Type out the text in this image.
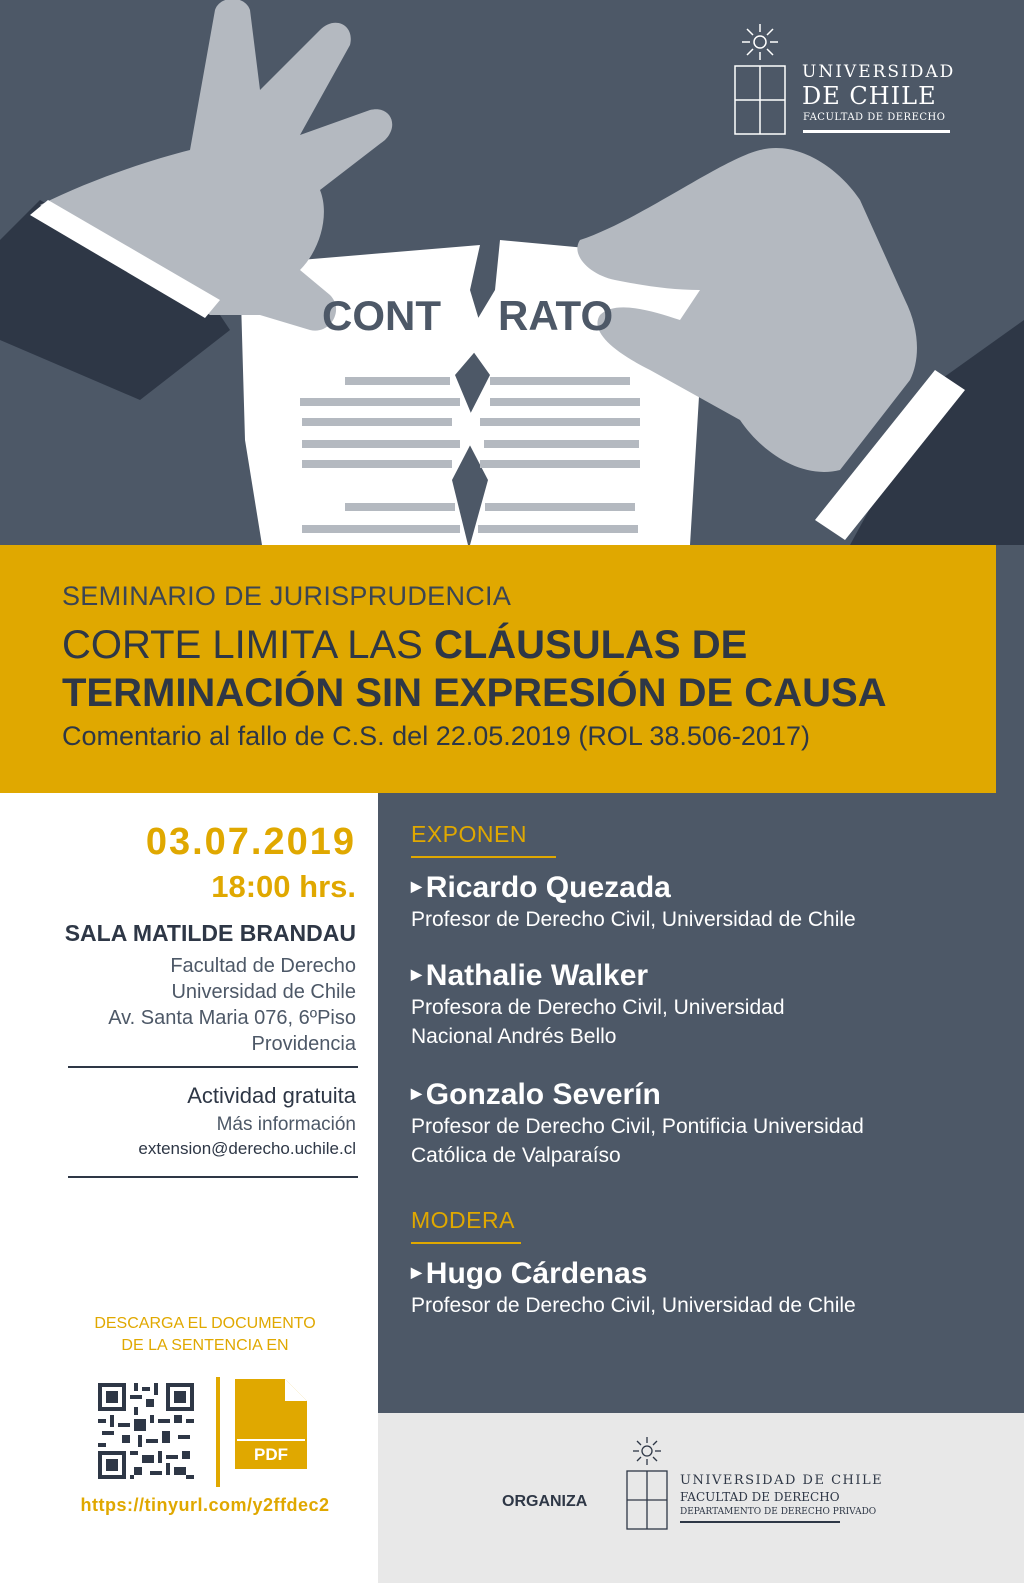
CONT RATO
UNIVERSIDAD
DE CHILE
FACULTAD DE DERECHO
SEMINARIO DE JURISPRUDENCIA
CORTE LIMITA LAS CLÁUSULAS DE
TERMINACIÓN SIN EXPRESIÓN DE CAUSA
Comentario al fallo de C.S. del 22.05.2019 (ROL 38.506-2017)
03.07.2019
18:00 hrs.
SALA MATILDE BRANDAU
Facultad de Derecho
Universidad de Chile
Av. Santa Maria 076, 6ºPiso
Providencia
Actividad gratuita
Más información
extension@derecho.uchile.cl
DESCARGA EL DOCUMENTO
DE LA SENTENCIA EN
PDF
https://tinyurl.com/y2ffdec2
EXPONEN
▶ Ricardo Quezada
Profesor de Derecho Civil, Universidad de Chile
▶ Nathalie Walker
Profesora de Derecho Civil, Universidad
Nacional Andrés Bello
▶ Gonzalo Severín
Profesor de Derecho Civil, Pontificia Universidad
Católica de Valparaíso
MODERA
▶ Hugo Cárdenas
Profesor de Derecho Civil, Universidad de Chile
ORGANIZA
UNIVERSIDAD DE CHILE
FACULTAD DE DERECHO
DEPARTAMENTO DE DERECHO PRIVADO
